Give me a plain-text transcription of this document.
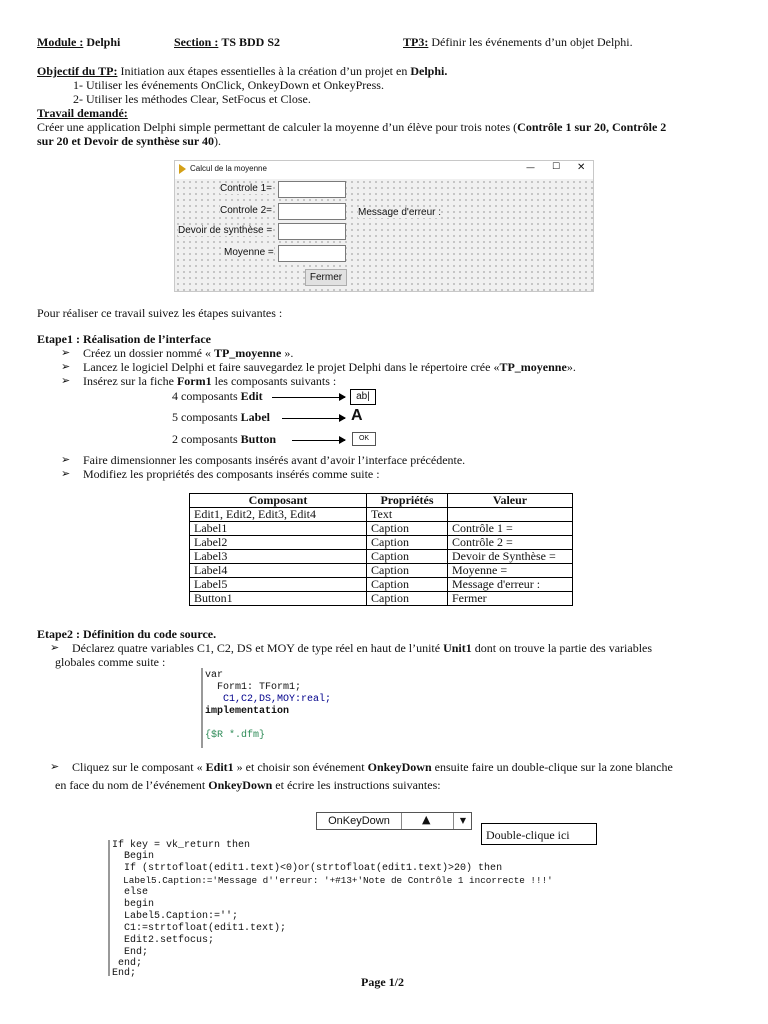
Module : Delphi	Section : TS BDD S2	TP3: Définir les événements d’un objet Delphi.
Objectif du TP: Initiation aux étapes essentielles à la création d’un projet en Delphi.
1- Utiliser les événements OnClick, OnkeyDown et OnkeyPress.
2- Utiliser les méthodes Clear, SetFocus et Close.
Travail demandé:
Créer une application Delphi simple permettant de calculer la moyenne d’un élève pour trois notes (Contrôle 1 sur 20, Contrôle 2
sur 20 et Devoir de synthèse sur 40).
Calcul de la moyenne	— ☐ ✕
Controle 1=
Controle 2=	Message d'erreur :
Devoir de synthèse =
Moyenne =
Fermer
Pour réaliser ce travail suivez les étapes suivantes :
Etape1 : Réalisation de l’interface
➢ Créez un dossier nommé « TP_moyenne ».
➢ Lancez le logiciel Delphi et faire sauvegardez le projet Delphi dans le répertoire crée «TP_moyenne».
➢ Insérez sur la fiche Form1 les composants suivants :
4 composants Edit	ab|
5 composants Label	A
2 composants Button	OK
➢ Faire dimensionner les composants insérés avant d’avoir l’interface précédente.
➢ Modifiez les propriétés des composants insérés comme suite :
Composant	Propriétés	Valeur
Edit1, Edit2, Edit3, Edit4	Text	
Label1	Caption	Contrôle 1 =
Label2	Caption	Contrôle 2 =
Label3	Caption	Devoir de Synthèse =
Label4	Caption	Moyenne =
Label5	Caption	Message d'erreur :
Button1	Caption	Fermer
Etape2 : Définition du code source.
➢ Déclarez quatre variables C1, C2, DS et MOY de type réel en haut de l’unité Unit1 dont on trouve la partie des variables
globales comme suite :
var
Form1: TForm1;
C1,C2,DS,MOY:real;
implementation
{$R *.dfm}
➢ Cliquez sur le composant « Edit1 » et choisir son événement OnkeyDown ensuite faire un double-clique sur la zone blanche
en face du nom de l’événement OnkeyDown et écrire les instructions suivantes:
OnKeyDown	▼
▲
Double-clique ici
If key = vk_return then
Begin
If (strtofloat(edit1.text)<0)or(strtofloat(edit1.text)>20) then
Label5.Caption:='Message d''erreur: '+#13+'Note de Contrôle 1 incorrecte !!!'
else
begin
Label5.Caption:='';
C1:=strtofloat(edit1.text);
Edit2.setfocus;
End;
end;
End;
Page 1/2
